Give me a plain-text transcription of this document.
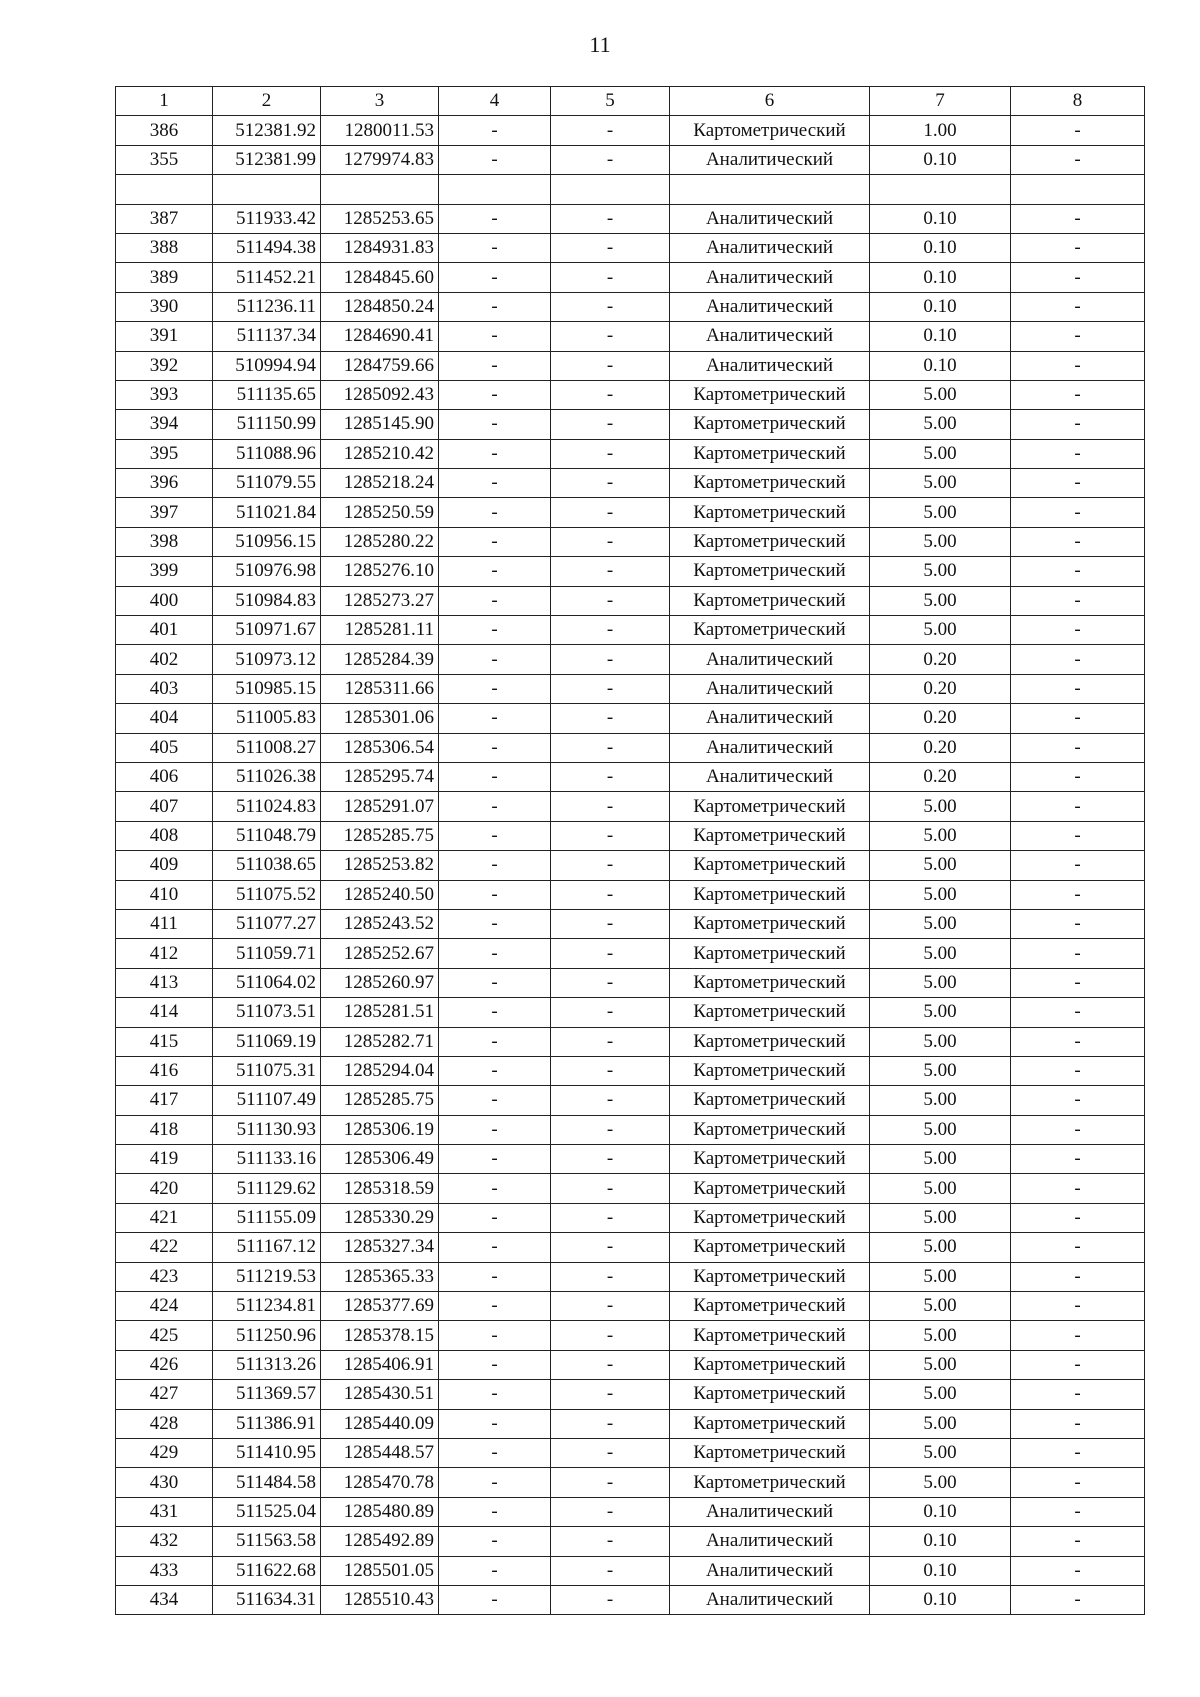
11
1	2	3	4	5	6	7	8
386	512381.92	1280011.53	-	-	Картометрический	1.00	-
355	512381.99	1279974.83	-	-	Аналитический	0.10	-

387	511933.42	1285253.65	-	-	Аналитический	0.10	-
388	511494.38	1284931.83	-	-	Аналитический	0.10	-
389	511452.21	1284845.60	-	-	Аналитический	0.10	-
390	511236.11	1284850.24	-	-	Аналитический	0.10	-
391	511137.34	1284690.41	-	-	Аналитический	0.10	-
392	510994.94	1284759.66	-	-	Аналитический	0.10	-
393	511135.65	1285092.43	-	-	Картометрический	5.00	-
394	511150.99	1285145.90	-	-	Картометрический	5.00	-
395	511088.96	1285210.42	-	-	Картометрический	5.00	-
396	511079.55	1285218.24	-	-	Картометрический	5.00	-
397	511021.84	1285250.59	-	-	Картометрический	5.00	-
398	510956.15	1285280.22	-	-	Картометрический	5.00	-
399	510976.98	1285276.10	-	-	Картометрический	5.00	-
400	510984.83	1285273.27	-	-	Картометрический	5.00	-
401	510971.67	1285281.11	-	-	Картометрический	5.00	-
402	510973.12	1285284.39	-	-	Аналитический	0.20	-
403	510985.15	1285311.66	-	-	Аналитический	0.20	-
404	511005.83	1285301.06	-	-	Аналитический	0.20	-
405	511008.27	1285306.54	-	-	Аналитический	0.20	-
406	511026.38	1285295.74	-	-	Аналитический	0.20	-
407	511024.83	1285291.07	-	-	Картометрический	5.00	-
408	511048.79	1285285.75	-	-	Картометрический	5.00	-
409	511038.65	1285253.82	-	-	Картометрический	5.00	-
410	511075.52	1285240.50	-	-	Картометрический	5.00	-
411	511077.27	1285243.52	-	-	Картометрический	5.00	-
412	511059.71	1285252.67	-	-	Картометрический	5.00	-
413	511064.02	1285260.97	-	-	Картометрический	5.00	-
414	511073.51	1285281.51	-	-	Картометрический	5.00	-
415	511069.19	1285282.71	-	-	Картометрический	5.00	-
416	511075.31	1285294.04	-	-	Картометрический	5.00	-
417	511107.49	1285285.75	-	-	Картометрический	5.00	-
418	511130.93	1285306.19	-	-	Картометрический	5.00	-
419	511133.16	1285306.49	-	-	Картометрический	5.00	-
420	511129.62	1285318.59	-	-	Картометрический	5.00	-
421	511155.09	1285330.29	-	-	Картометрический	5.00	-
422	511167.12	1285327.34	-	-	Картометрический	5.00	-
423	511219.53	1285365.33	-	-	Картометрический	5.00	-
424	511234.81	1285377.69	-	-	Картометрический	5.00	-
425	511250.96	1285378.15	-	-	Картометрический	5.00	-
426	511313.26	1285406.91	-	-	Картометрический	5.00	-
427	511369.57	1285430.51	-	-	Картометрический	5.00	-
428	511386.91	1285440.09	-	-	Картометрический	5.00	-
429	511410.95	1285448.57	-	-	Картометрический	5.00	-
430	511484.58	1285470.78	-	-	Картометрический	5.00	-
431	511525.04	1285480.89	-	-	Аналитический	0.10	-
432	511563.58	1285492.89	-	-	Аналитический	0.10	-
433	511622.68	1285501.05	-	-	Аналитический	0.10	-
434	511634.31	1285510.43	-	-	Аналитический	0.10	-
